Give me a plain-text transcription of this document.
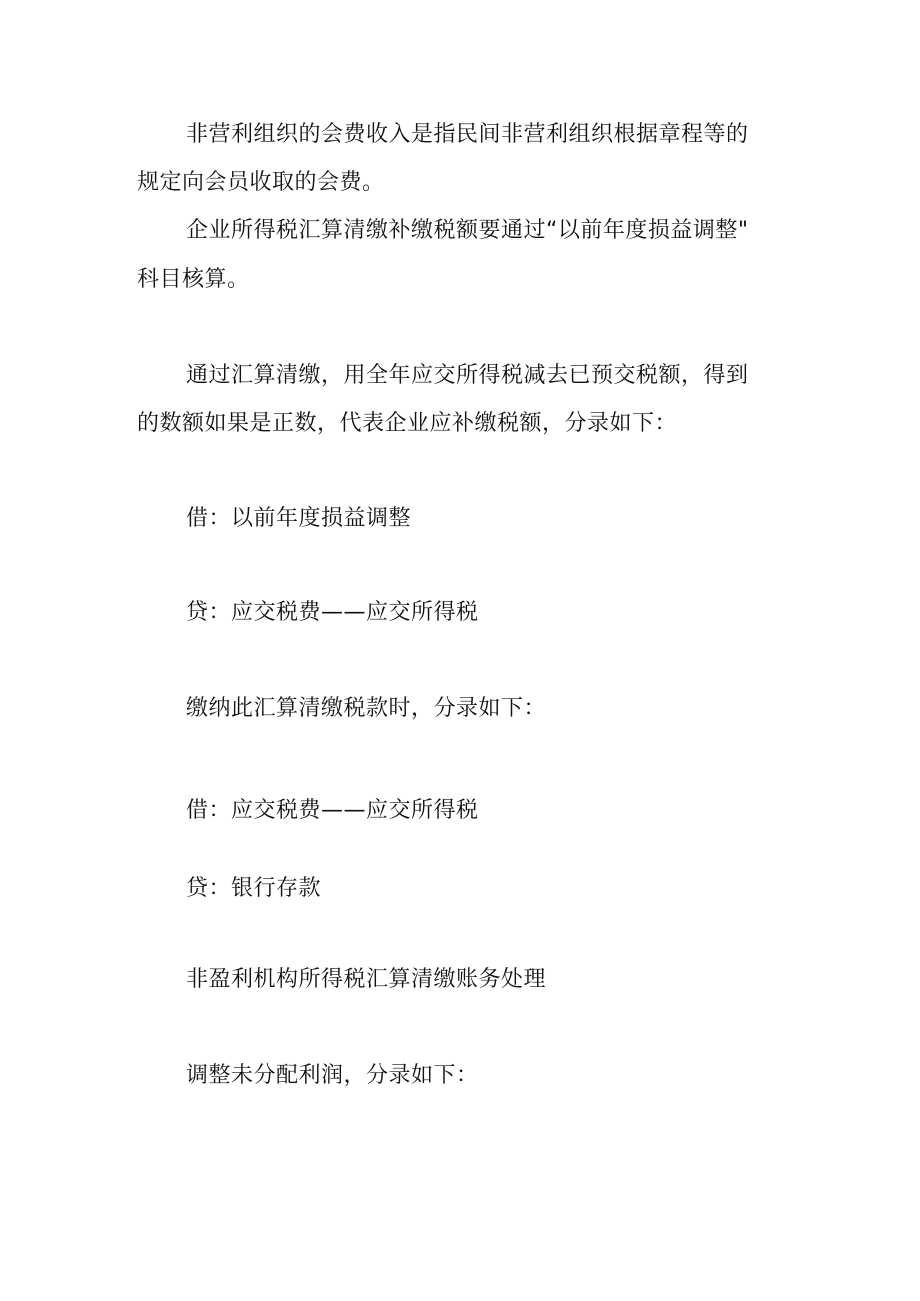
非营利组织的会费收入是指民间非营利组织根据章程等的
规定向会员收取的会费。
企业所得税汇算清缴补缴税额要通过“以前年度损益调整"
科目核算。
通过汇算清缴，用全年应交所得税减去已预交税额，得到
的数额如果是正数，代表企业应补缴税额，分录如下：
借：以前年度损益调整
贷：应交税费——应交所得税
缴纳此汇算清缴税款时，分录如下：
借：应交税费——应交所得税
贷：银行存款
非盈利机构所得税汇算清缴账务处理
调整未分配利润，分录如下：
